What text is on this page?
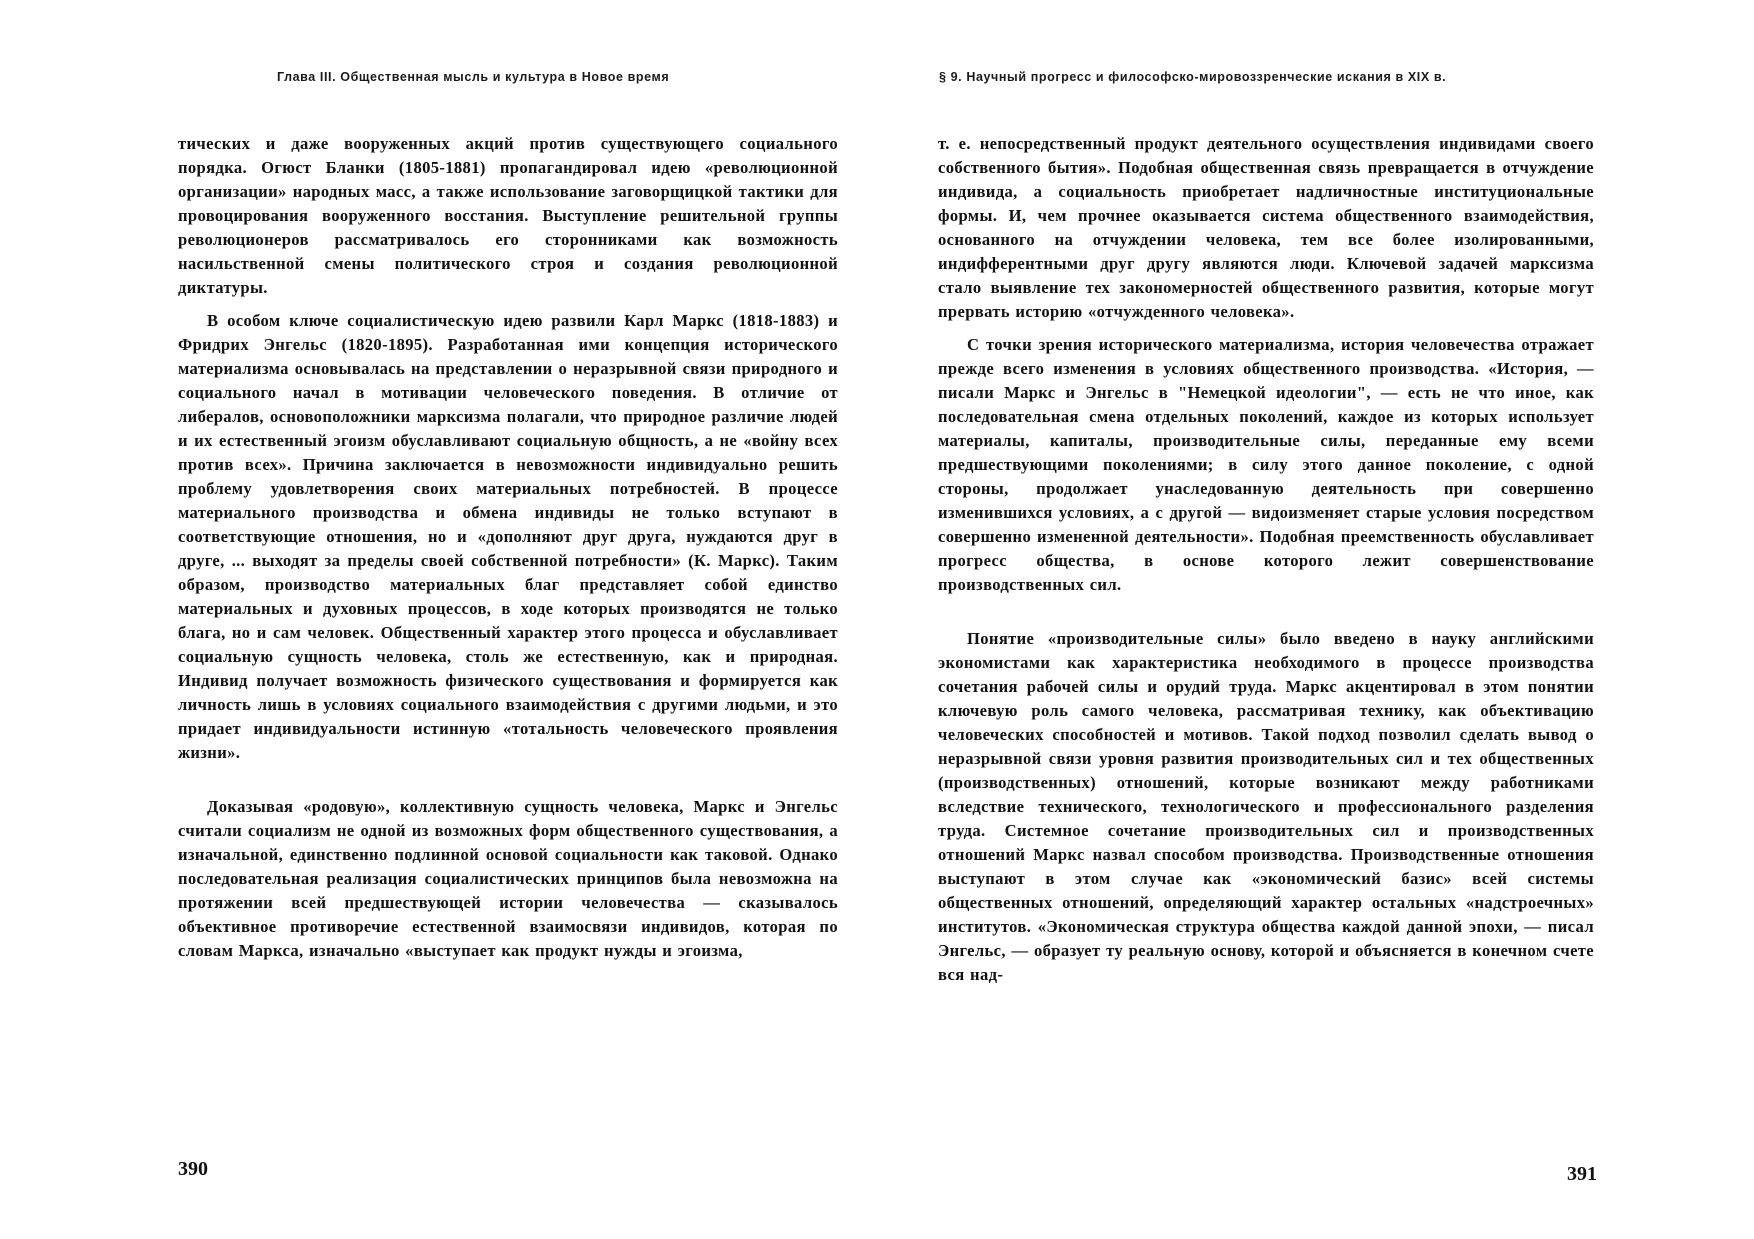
Глава III. Общественная мысль и культура в Новое время

тических и даже вооруженных акций против существующего социального порядка. Огюст Бланки (1805-1881) пропагандировал идею «революционной организации» народных масс, а также использование заговорщицкой тактики для провоцирования вооруженного восстания. Выступление решительной группы революционеров рассматривалось его сторонниками как возможность насильственной смены политического строя и создания революционной диктатуры.

В особом ключе социалистическую идею развили Карл Маркс (1818-1883) и Фридрих Энгельс (1820-1895). Разработанная ими концепция исторического материализма основывалась на представлении о неразрывной связи природного и социального начал в мотивации человеческого поведения. В отличие от либералов, основоположники марксизма полагали, что природное различие людей и их естественный эгоизм обуславливают социальную общность, а не «войну всех против всех». Причина заключается в невозможности индивидуально решить проблему удовлетворения своих материальных потребностей. В процессе материального производства и обмена индивиды не только вступают в соответствующие отношения, но и «дополняют друг друга, нуждаются друг в друге, ... выходят за пределы своей собственной потребности» (К. Маркс). Таким образом, производство материальных благ представляет собой единство материальных и духовных процессов, в ходе которых производятся не только блага, но и сам человек. Общественный характер этого процесса и обуславливает социальную сущность человека, столь же естественную, как и природная. Индивид получает возможность физического существования и формируется как личность лишь в условиях социального взаимодействия с другими людьми, и это придает индивидуальности истинную «тотальность человеческого проявления жизни».

Доказывая «родовую», коллективную сущность человека, Маркс и Энгельс считали социализм не одной из возможных форм общественного существования, а изначальной, единственно подлинной основой социальности как таковой. Однако последовательная реализация социалистических принципов была невозможна на протяжении всей предшествующей истории человечества — сказывалось объективное противоречие естественной взаимосвязи индивидов, которая по словам Маркса, изначально «выступает как продукт нужды и эгоизма,

390
§ 9. Научный прогресс и философско-мировоззренческие искания в XIX в.

т. е. непосредственный продукт деятельного осуществления индивидами своего собственного бытия». Подобная общественная связь превращается в отчуждение индивида, а социальность приобретает надличностные институциональные формы. И, чем прочнее оказывается система общественного взаимодействия, основанного на отчуждении человека, тем все более изолированными, индифферентными друг другу являются люди. Ключевой задачей марксизма стало выявление тех закономерностей общественного развития, которые могут прервать историю «отчужденного человека».

С точки зрения исторического материализма, история человечества отражает прежде всего изменения в условиях общественного производства. «История, — писали Маркс и Энгельс в "Немецкой идеологии", — есть не что иное, как последовательная смена отдельных поколений, каждое из которых использует материалы, капиталы, производительные силы, переданные ему всеми предшествующими поколениями; в силу этого данное поколение, с одной стороны, продолжает унаследованную деятельность при совершенно изменившихся условиях, а с другой — видоизменяет старые условия посредством совершенно измененной деятельности». Подобная преемственность обуславливает прогресс общества, в основе которого лежит совершенствование производственных сил.

Понятие «производительные силы» было введено в науку английскими экономистами как характеристика необходимого в процессе производства сочетания рабочей силы и орудий труда. Маркс акцентировал в этом понятии ключевую роль самого человека, рассматривая технику, как объективацию человеческих способностей и мотивов. Такой подход позволил сделать вывод о неразрывной связи уровня развития производительных сил и тех общественных (производственных) отношений, которые возникают между работниками вследствие технического, технологического и профессионального разделения труда. Системное сочетание производительных сил и производственных отношений Маркс назвал способом производства. Производственные отношения выступают в этом случае как «экономический базис» всей системы общественных отношений, определяющий характер остальных «надстроечных» институтов. «Экономическая структура общества каждой данной эпохи, — писал Энгельс, — образует ту реальную основу, которой и объясняется в конечном счете вся над-

391
